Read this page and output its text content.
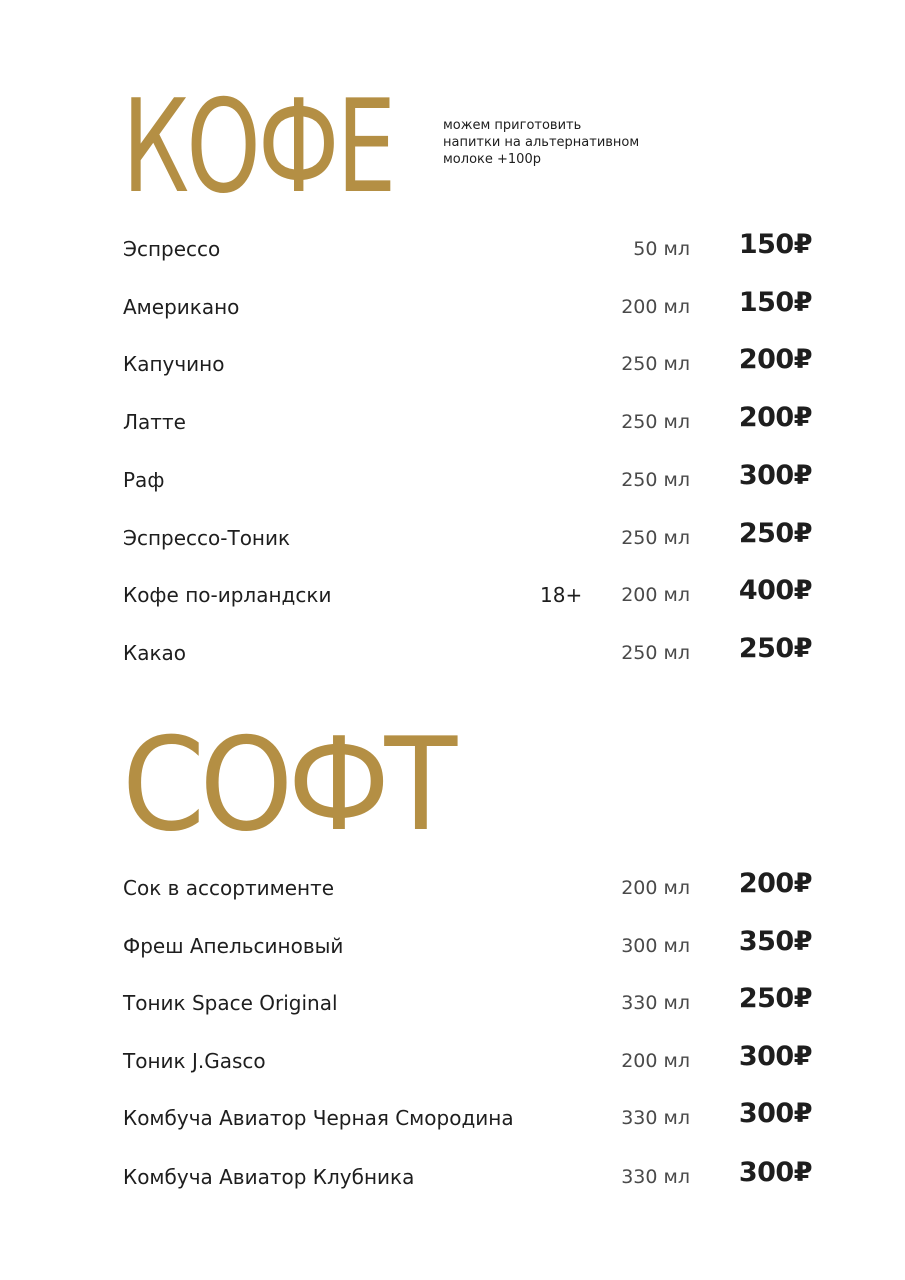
КОФЕ	можем приготовить
напитки на альтернативном
молоке +100р
Эспрессо	50 мл 150₽
Американо	200 мл 150₽
Капучино	250 мл 200₽
Латте	250 мл 200₽
Раф	250 мл 300₽
Эспрессо-Тоник	250 мл 250₽
Кофе по-ирландски	18+ 200 мл 400₽
Какао	250 мл 250₽
СОФТ
Сок в ассортименте	200 мл 200₽
Фреш Апельсиновый	300 мл 350₽
Тоник Space Original	330 мл 250₽
Тоник J.Gasco	200 мл 300₽
Комбуча Авиатор Черная Смородина	330 мл 300₽
Комбуча Авиатор Клубника	330 мл 300₽
